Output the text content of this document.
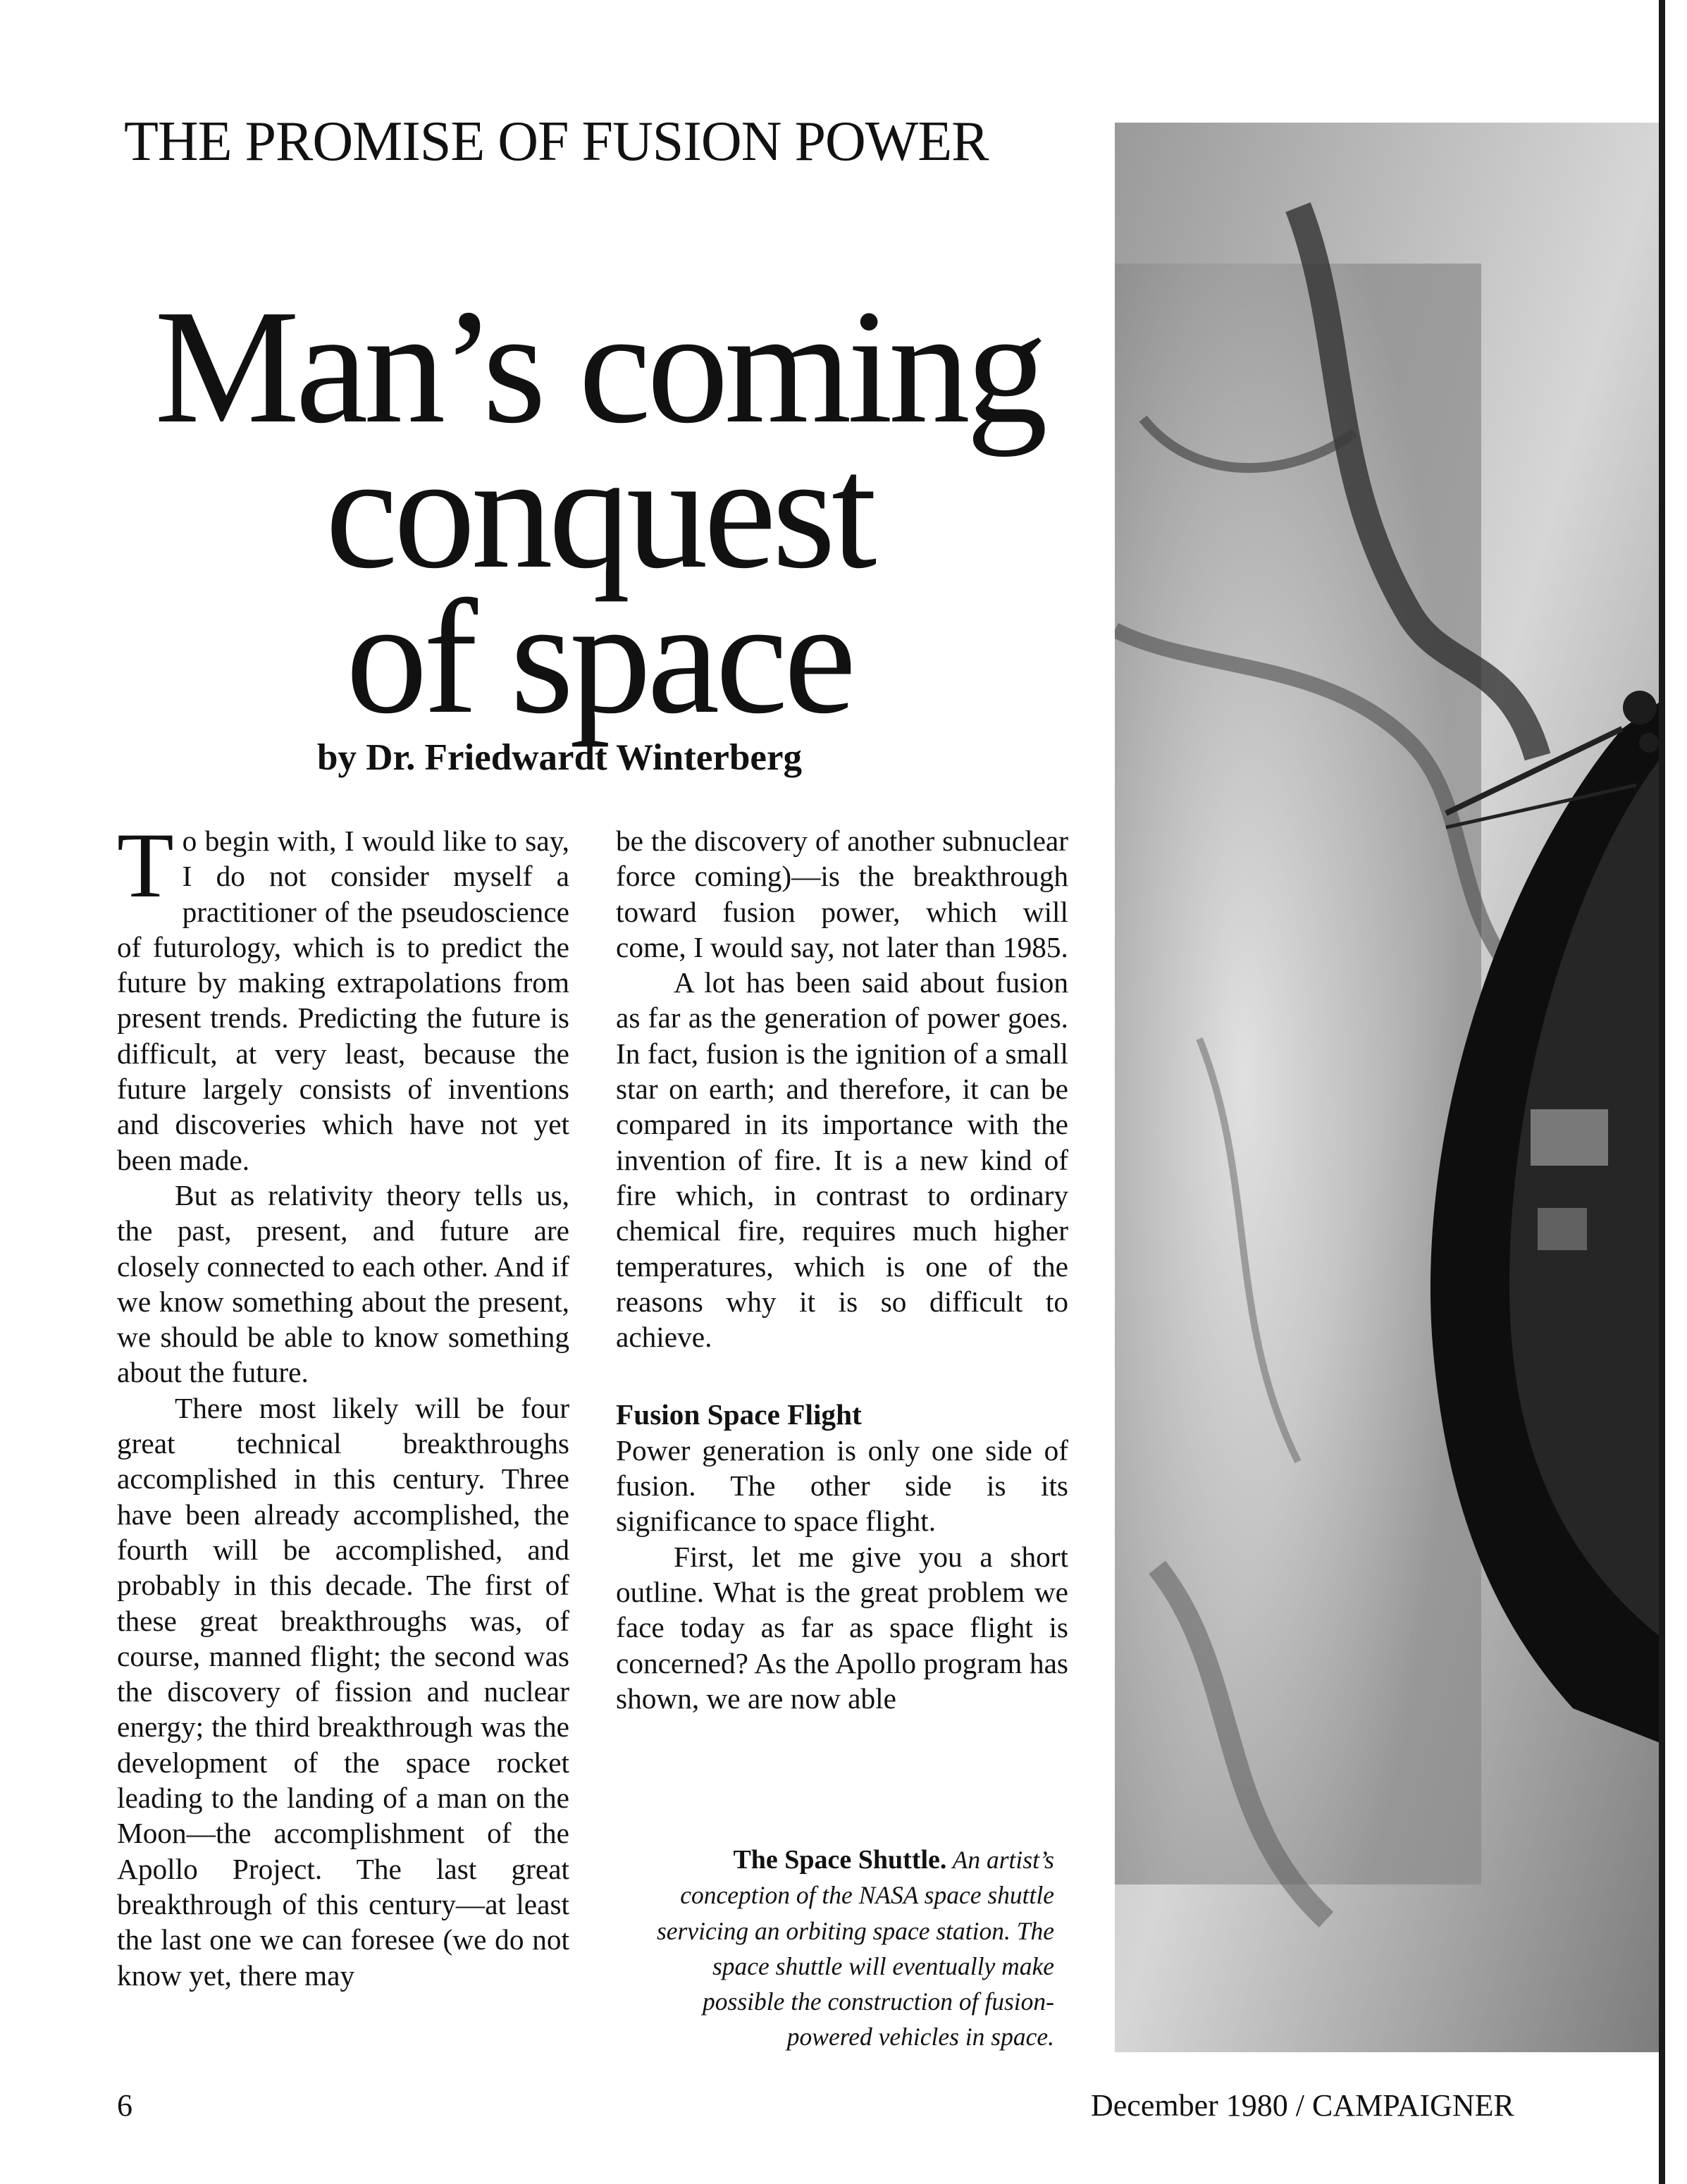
THE PROMISE OF FUSION POWER
Man’s coming
conquest
of space
by Dr. Friedwardt Winterberg

To begin with, I would like to say, I do not consider myself a practitioner of the pseudoscience of futurology, which is to predict the future by making extrapolations from present trends. Predicting the future is difficult, at very least, because the future largely consists of inventions and discoveries which have not yet been made.

But as relativity theory tells us, the past, present, and future are closely connected to each other. And if we know something about the present, we should be able to know something about the future.

There most likely will be four great technical breakthroughs accomplished in this century. Three have been already accomplished, the fourth will be accomplished, and probably in this decade. The first of these great breakthroughs was, of course, manned flight; the second was the discovery of fission and nuclear energy; the third breakthrough was the development of the space rocket leading to the landing of a man on the Moon—the accomplishment of the Apollo Project. The last great breakthrough of this century—at least the last one we can foresee (we do not know yet, there may

be the discovery of another subnuclear force coming)—is the breakthrough toward fusion power, which will come, I would say, not later than 1985.

A lot has been said about fusion as far as the generation of power goes. In fact, fusion is the ignition of a small star on earth; and therefore, it can be compared in its importance with the invention of fire. It is a new kind of fire which, in contrast to ordinary chemical fire, requires much higher temperatures, which is one of the reasons why it is so difficult to achieve.

Fusion Space Flight

Power generation is only one side of fusion. The other side is its significance to space flight.

First, let me give you a short outline. What is the great problem we face today as far as space flight is concerned? As the Apollo program has shown, we are now able

The Space Shuttle. An artist’s conception of the NASA space shuttle servicing an orbiting space station. The space shuttle will eventually make possible the construction of fusion-powered vehicles in space.
6	December 1980 / CAMPAIGNER
